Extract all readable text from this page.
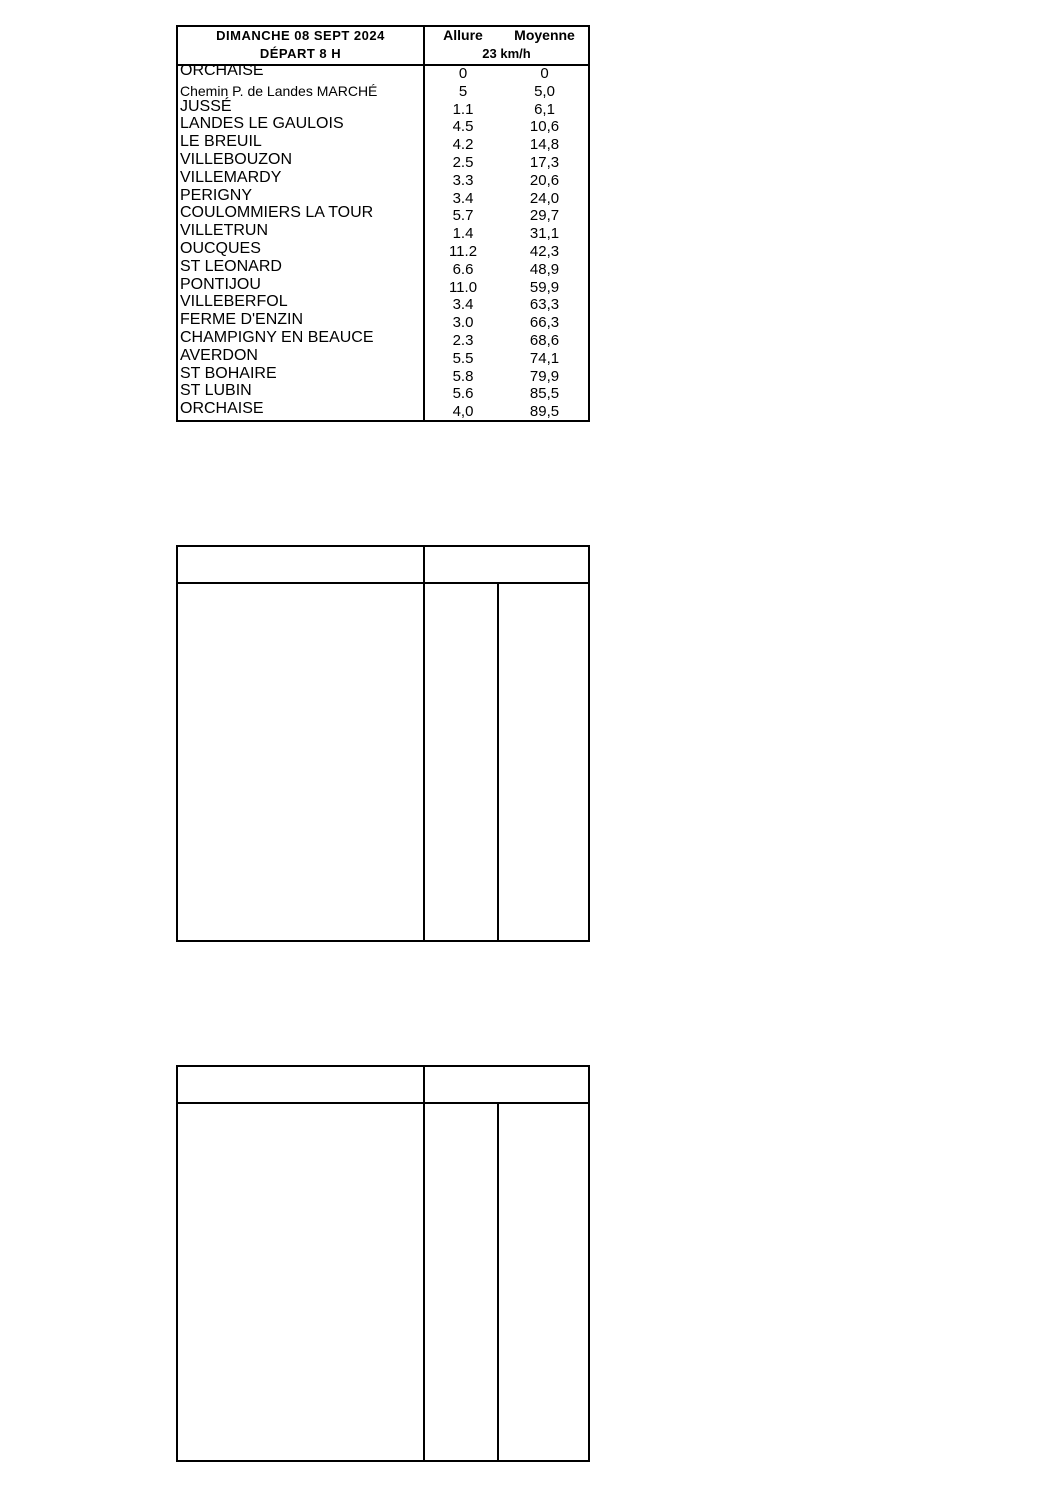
DIMANCHE 08 SEPT 2024
DÉPART 8 H
Allure	Moyenne
23 km/h
ORCHAISE	0	0
Chemin P. de Landes MARCHÉ	5	5,0
JUSSÉ	1.1	6,1
LANDES LE GAULOIS	4.5	10,6
LE BREUIL	4.2	14,8
VILLEBOUZON	2.5	17,3
VILLEMARDY	3.3	20,6
PERIGNY	3.4	24,0
COULOMMIERS LA TOUR	5.7	29,7
VILLETRUN	1.4	31,1
OUCQUES	11.2	42,3
ST LEONARD	6.6	48,9
PONTIJOU	11.0	59,9
VILLEBERFOL	3.4	63,3
FERME D'ENZIN	3.0	66,3
CHAMPIGNY EN BEAUCE	2.3	68,6
AVERDON	5.5	74,1
ST BOHAIRE	5.8	79,9
ST LUBIN	5.6	85,5
ORCHAISE	4,0	89,5
